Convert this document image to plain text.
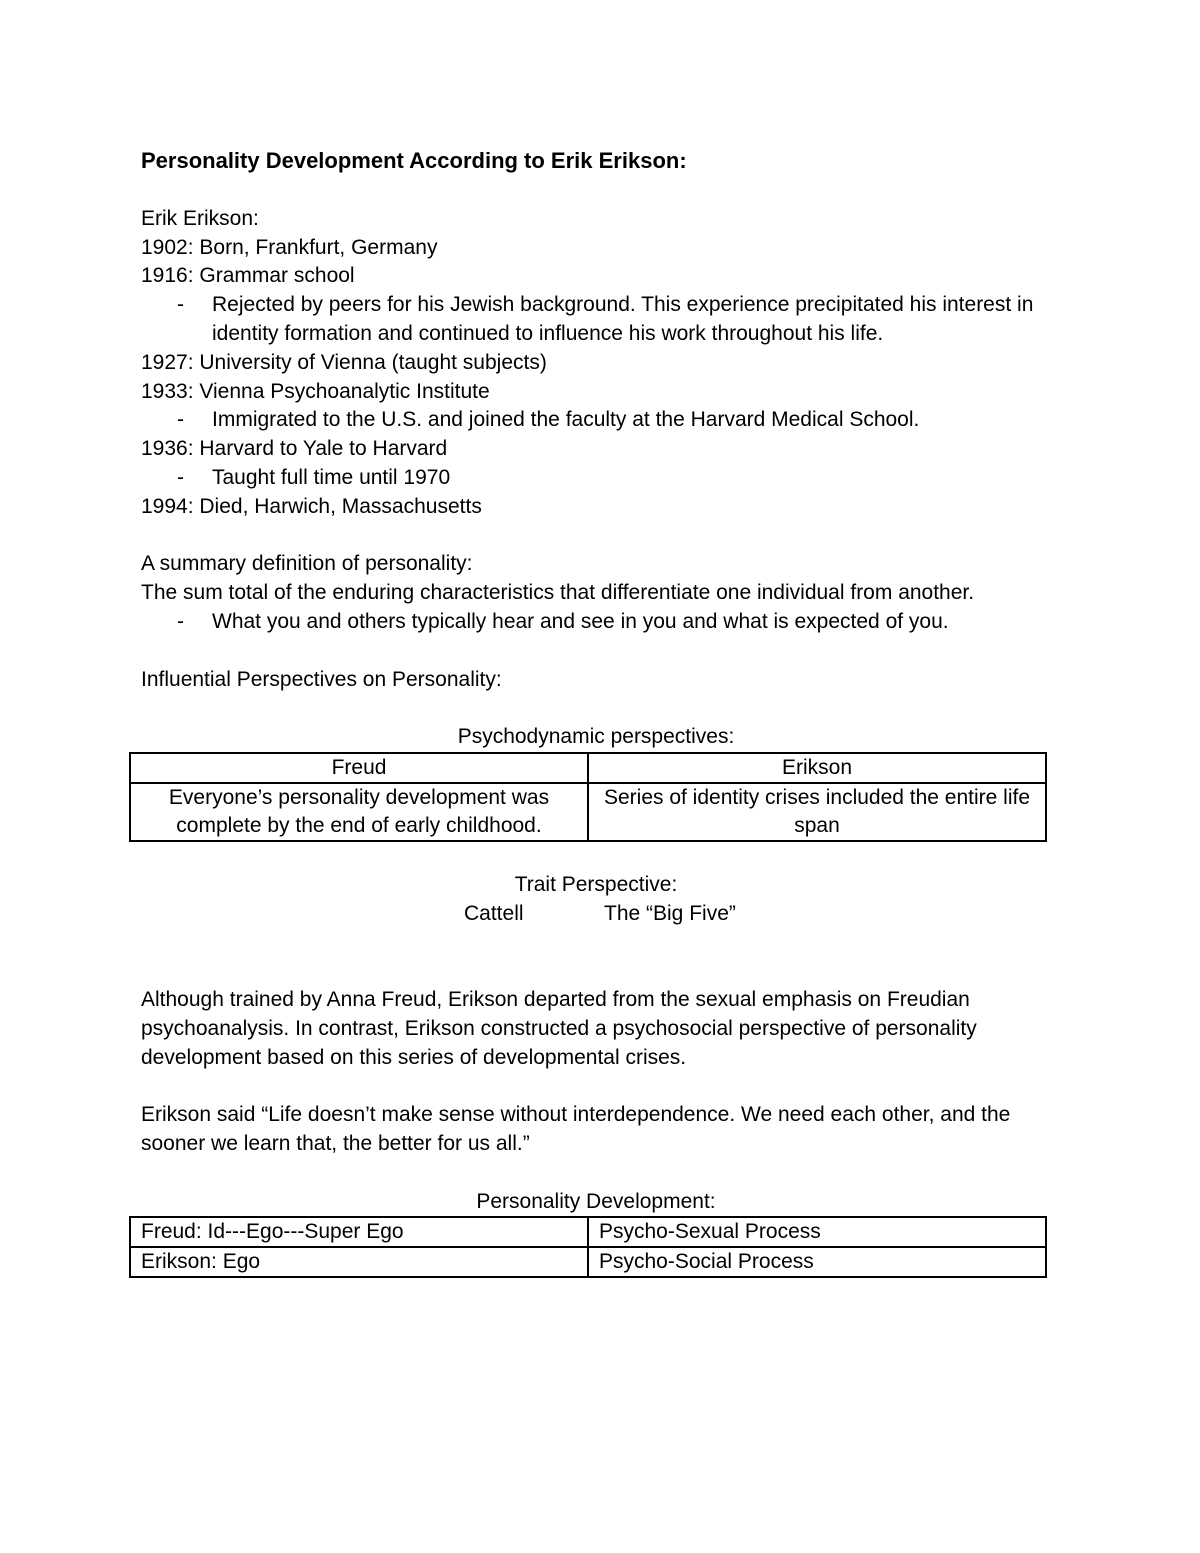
Personality Development According to Erik Erikson:
Erik Erikson:
1902: Born, Frankfurt, Germany
1916: Grammar school
- Rejected by peers for his Jewish background. This experience precipitated his interest in identity formation and continued to influence his work throughout his life.
1927: University of Vienna (taught subjects)
1933: Vienna Psychoanalytic Institute
- Immigrated to the U.S. and joined the faculty at the Harvard Medical School.
1936: Harvard to Yale to Harvard
- Taught full time until 1970
1994: Died, Harwich, Massachusetts
A summary definition of personality:
The sum total of the enduring characteristics that differentiate one individual from another.
- What you and others typically hear and see in you and what is expected of you.
Influential Perspectives on Personality:
Psychodynamic perspectives:
Freud	Erikson
Everyone’s personality development was complete by the end of early childhood.	Series of identity crises included the entire life span
Trait Perspective:
Cattell	The “Big Five”
Although trained by Anna Freud, Erikson departed from the sexual emphasis on Freudian psychoanalysis. In contrast, Erikson constructed a psychosocial perspective of personality development based on this series of developmental crises.
Erikson said “Life doesn’t make sense without interdependence. We need each other, and the sooner we learn that, the better for us all.”
Personality Development:
Freud: Id---Ego---Super Ego	Psycho-Sexual Process
Erikson: Ego	Psycho-Social Process
